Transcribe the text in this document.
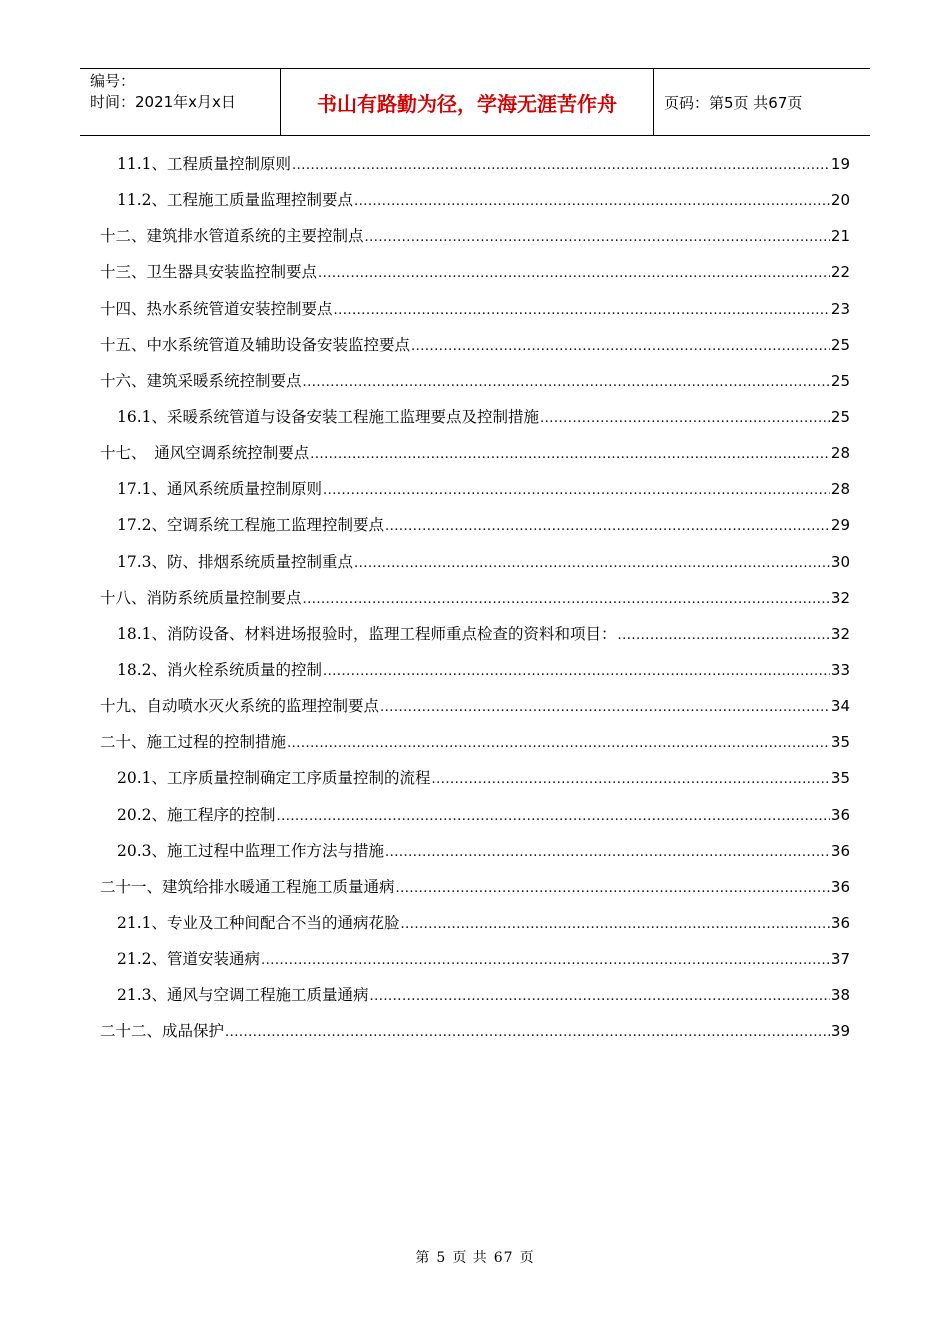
编号：
时间：2021年x月x日	书山有路勤为径，学海无涯苦作舟	页码：第5页 共67页
11.1、工程质量控制原则 .....	19
11.2、工程施工质量监理控制要点 .....	20
十二、建筑排水管道系统的主要控制点 .....	21
十三、卫生器具安装监控制要点 .....	22
十四、热水系统管道安装控制要点 .....	23
十五、中水系统管道及辅助设备安装监控要点 .....	25
十六、建筑采暖系统控制要点 .....	25
16.1、采暖系统管道与设备安装工程施工监理要点及控制措施 .....	25
十七、　通风空调系统控制要点 .....	28
17.1、通风系统质量控制原则 .....	28
17.2、空调系统工程施工监理控制要点 .....	29
17.3、防、排烟系统质量控制重点 .....	30
十八、消防系统质量控制要点 .....	32
18.1、消防设备、材料进场报验时，监理工程师重点检查的资料和项目： .....	32
18.2、消火栓系统质量的控制 .....	33
十九、自动喷水灭火系统的监理控制要点 .....	34
二十、施工过程的控制措施 .....	35
20.1、工序质量控制确定工序质量控制的流程 .....	35
20.2、施工程序的控制 .....	36
20.3、施工过程中监理工作方法与措施 .....	36
二十一、建筑给排水暖通工程施工质量通病 .....	36
21.1、专业及工种间配合不当的通病花脸 .....	36
21.2、管道安装通病 .....	37
21.3、通风与空调工程施工质量通病 .....	38
二十二、成品保护 .....	39
第 5 页 共 67 页
